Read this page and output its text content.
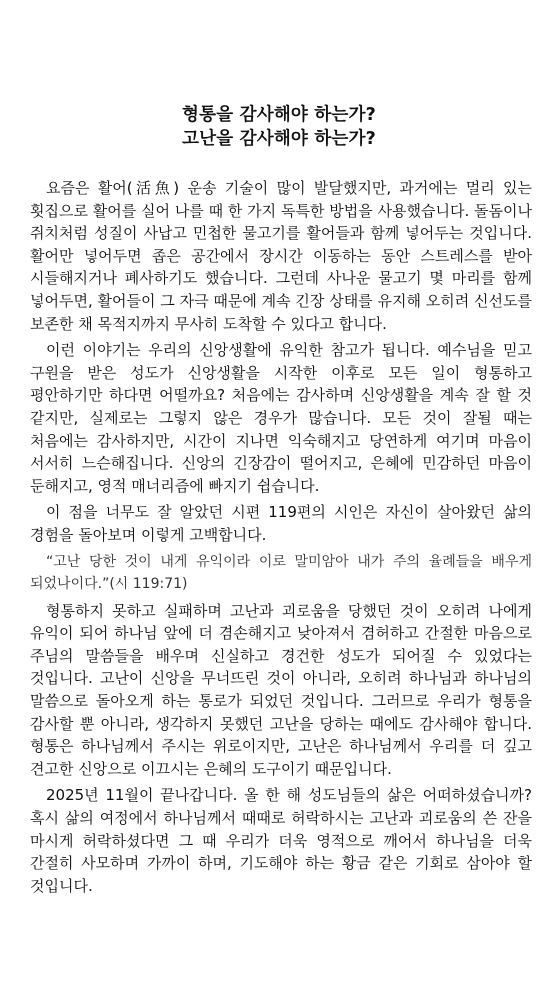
형통을 감사해야 하는가?
고난을 감사해야 하는가?

요즘은 활어(活魚) 운송 기술이 많이 발달했지만, 과거에는 멀리 있는 횟집으로 활어를 실어 나를 때 한 가지 독특한 방법을 사용했습니다. 돌돔이나 쥐치처럼 성질이 사납고 민첩한 물고기를 활어들과 함께 넣어두는 것입니다. 활어만 넣어두면 좁은 공간에서 장시간 이동하는 동안 스트레스를 받아 시들해지거나 폐사하기도 했습니다. 그런데 사나운 물고기 몇 마리를 함께 넣어두면, 활어들이 그 자극 때문에 계속 긴장 상태를 유지해 오히려 신선도를 보존한 채 목적지까지 무사히 도착할 수 있다고 합니다.

이런 이야기는 우리의 신앙생활에 유익한 참고가 됩니다. 예수님을 믿고 구원을 받은 성도가 신앙생활을 시작한 이후로 모든 일이 형통하고 평안하기만 하다면 어떨까요? 처음에는 감사하며 신앙생활을 계속 잘 할 것 같지만, 실제로는 그렇지 않은 경우가 많습니다. 모든 것이 잘될 때는 처음에는 감사하지만, 시간이 지나면 익숙해지고 당연하게 여기며 마음이 서서히 느슨해집니다. 신앙의 긴장감이 떨어지고, 은혜에 민감하던 마음이 둔해지고, 영적 매너리즘에 빠지기 쉽습니다.

이 점을 너무도 잘 알았던 시편 119편의 시인은 자신이 살아왔던 삶의 경험을 돌아보며 이렇게 고백합니다.

“고난 당한 것이 내게 유익이라 이로 말미암아 내가 주의 율례들을 배우게 되었나이다.”(시 119:71)

형통하지 못하고 실패하며 고난과 괴로움을 당했던 것이 오히려 나에게 유익이 되어 하나님 앞에 더 겸손해지고 낮아져서 겸허하고 간절한 마음으로 주님의 말씀들을 배우며 신실하고 경건한 성도가 되어질 수 있었다는 것입니다. 고난이 신앙을 무너뜨린 것이 아니라, 오히려 하나님과 하나님의 말씀으로 돌아오게 하는 통로가 되었던 것입니다. 그러므로 우리가 형통을 감사할 뿐 아니라, 생각하지 못했던 고난을 당하는 때에도 감사해야 합니다. 형통은 하나님께서 주시는 위로이지만, 고난은 하나님께서 우리를 더 깊고 견고한 신앙으로 이끄시는 은혜의 도구이기 때문입니다.

2025년 11월이 끝나갑니다. 올 한 해 성도님들의 삶은 어떠하셨습니까? 혹시 삶의 여정에서 하나님께서 때때로 허락하시는 고난과 괴로움의 쓴 잔을 마시게 허락하셨다면 그 때 우리가 더욱 영적으로 깨어서 하나님을 더욱 간절히 사모하며 가까이 하며, 기도해야 하는 황금 같은 기회로 삼아야 할 것입니다.
